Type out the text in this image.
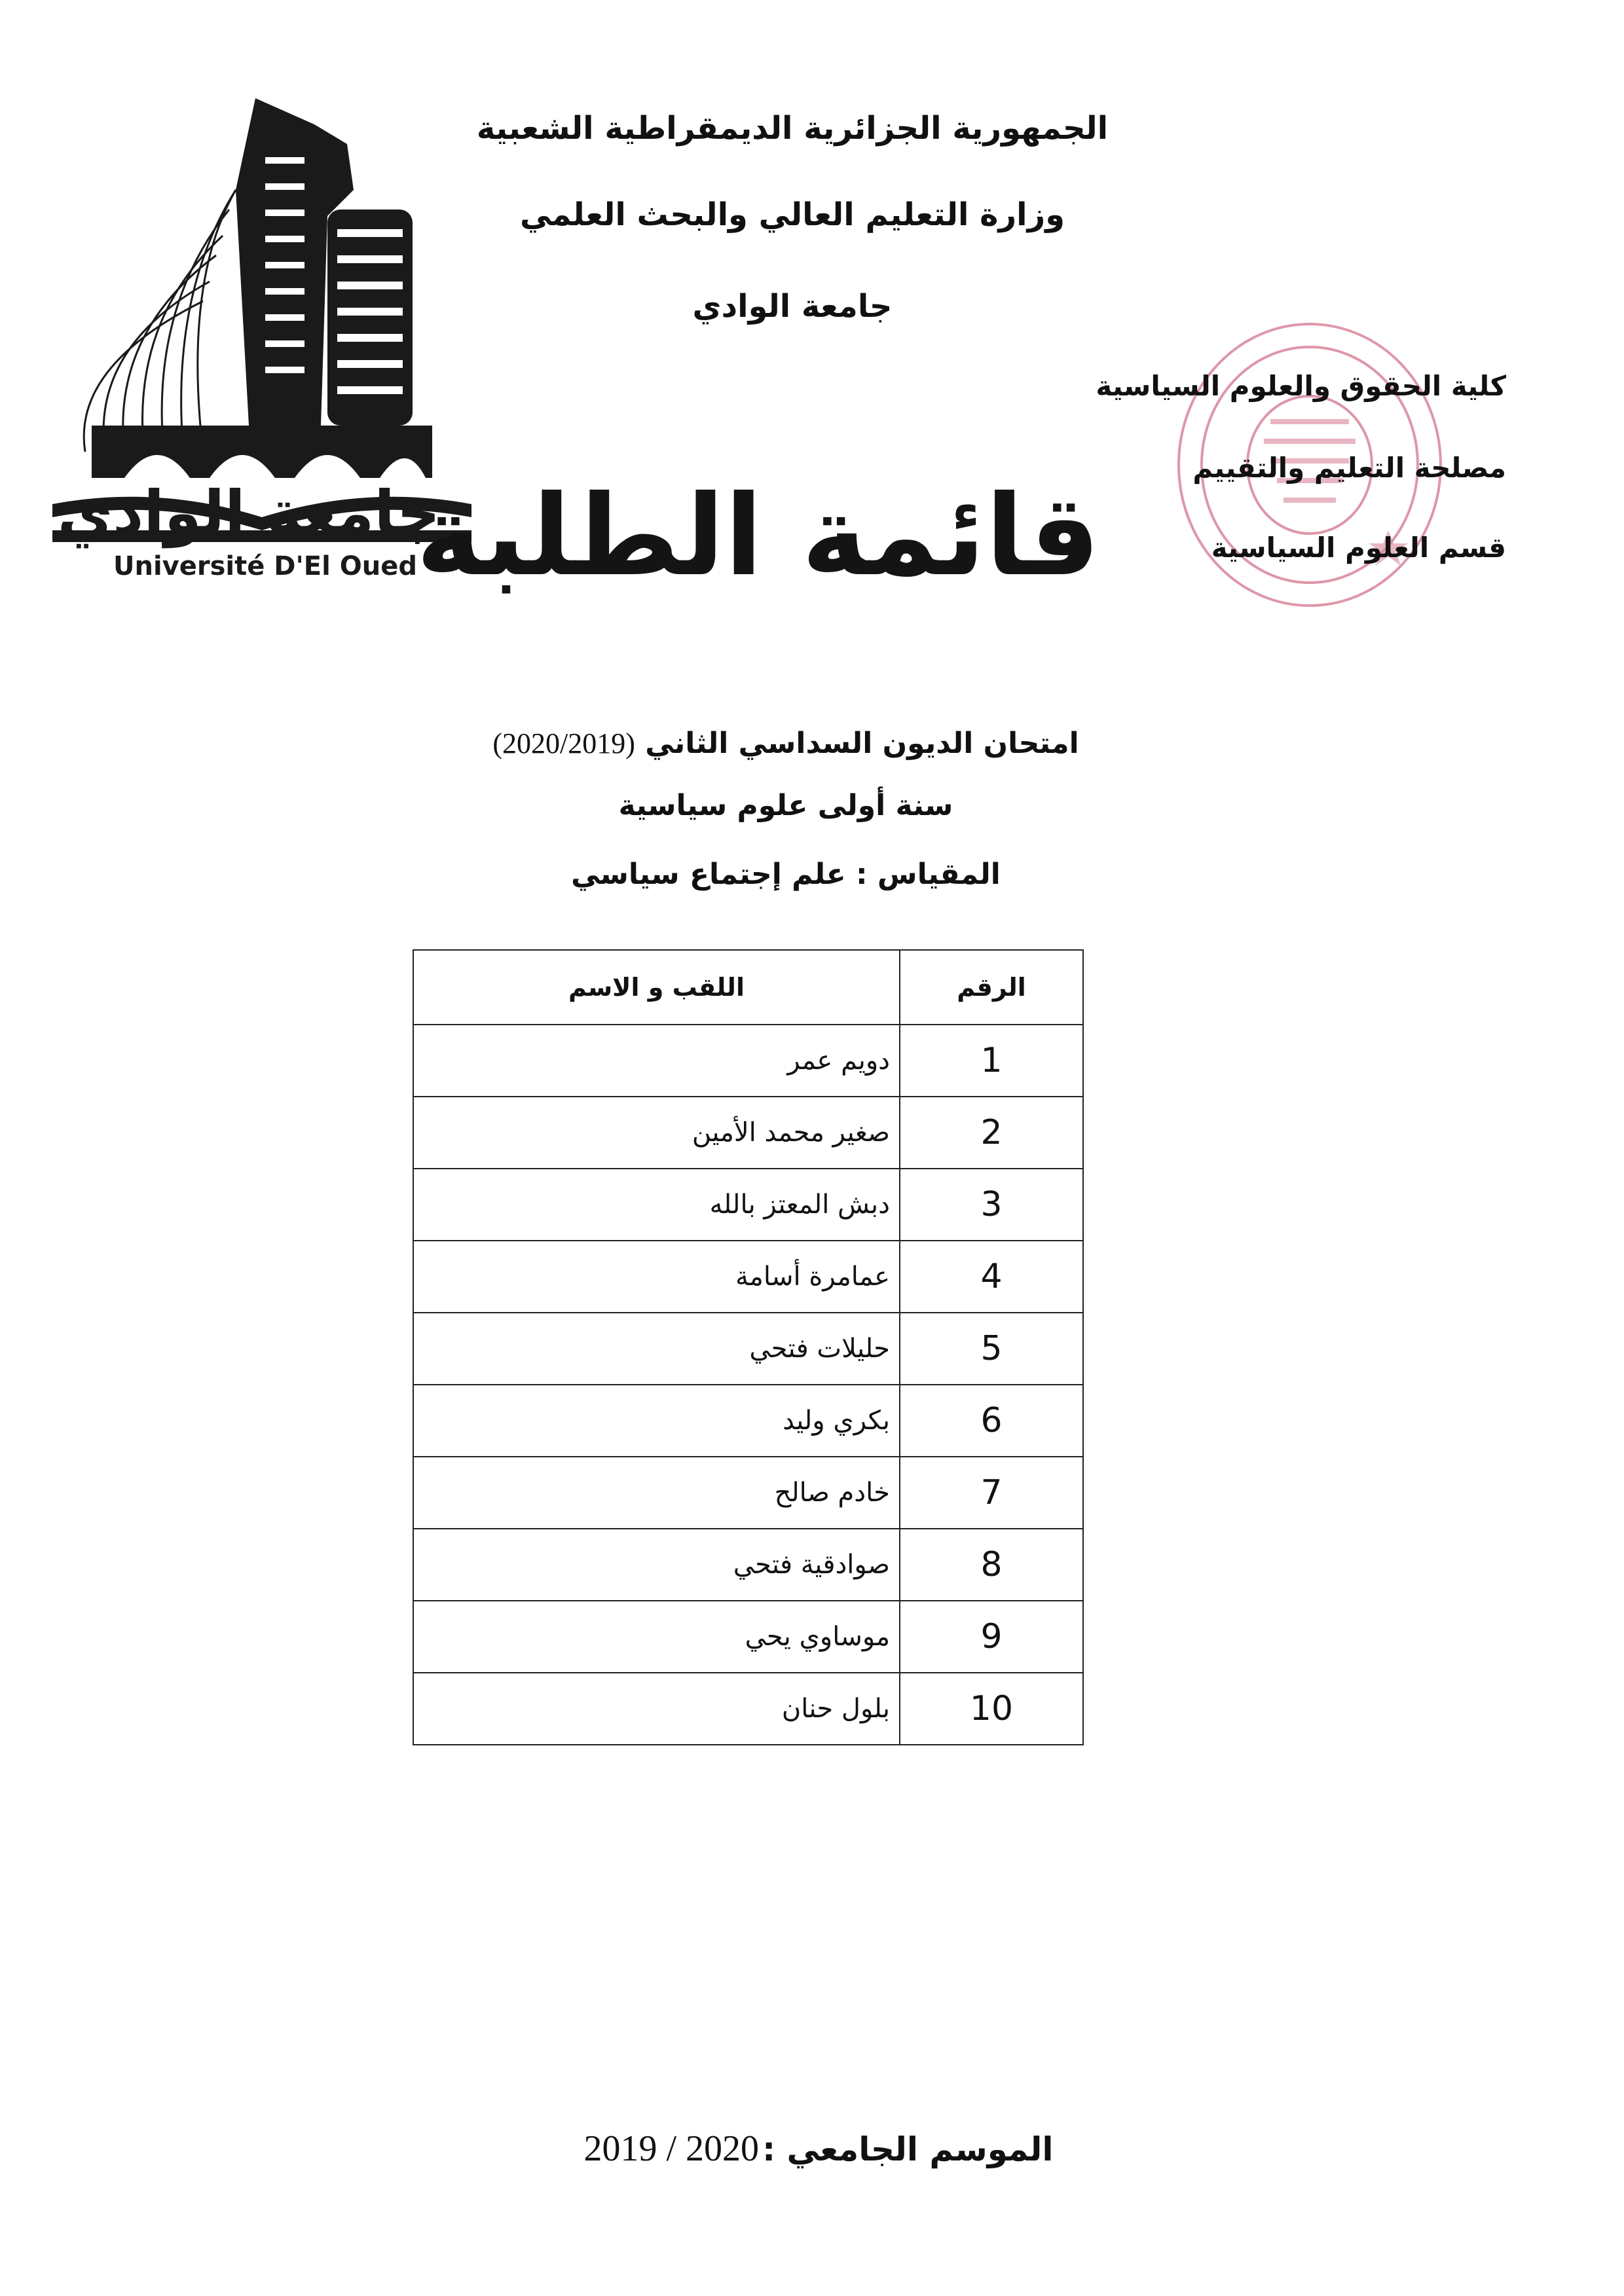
جامعة الوادي
Université D'El Oued
الجمهورية الجزائرية الديمقراطية الشعبية
وزارة التعليم العالي والبحث العلمي
جامعة الوادي
كلية الحقوق والعلوم السياسية
مصلحة التعليم والتقييم
قسم العلوم السياسية
قائمة الطلبة
امتحان الديون السداسي الثاني (2020/2019)
سنة أولى علوم سياسية
المقياس : علم إجتماع سياسي
الرقم	اللقب و الاسم
1	دويم عمر
2	صغير محمد الأمين
3	دبش المعتز بالله
4	عمامرة أسامة
5	حليلات فتحي
6	بكري وليد
7	خادم صالح
8	صوادقية فتحي
9	موساوي يحي
10	بلول حنان
الموسم الجامعي : 2020 / 2019
